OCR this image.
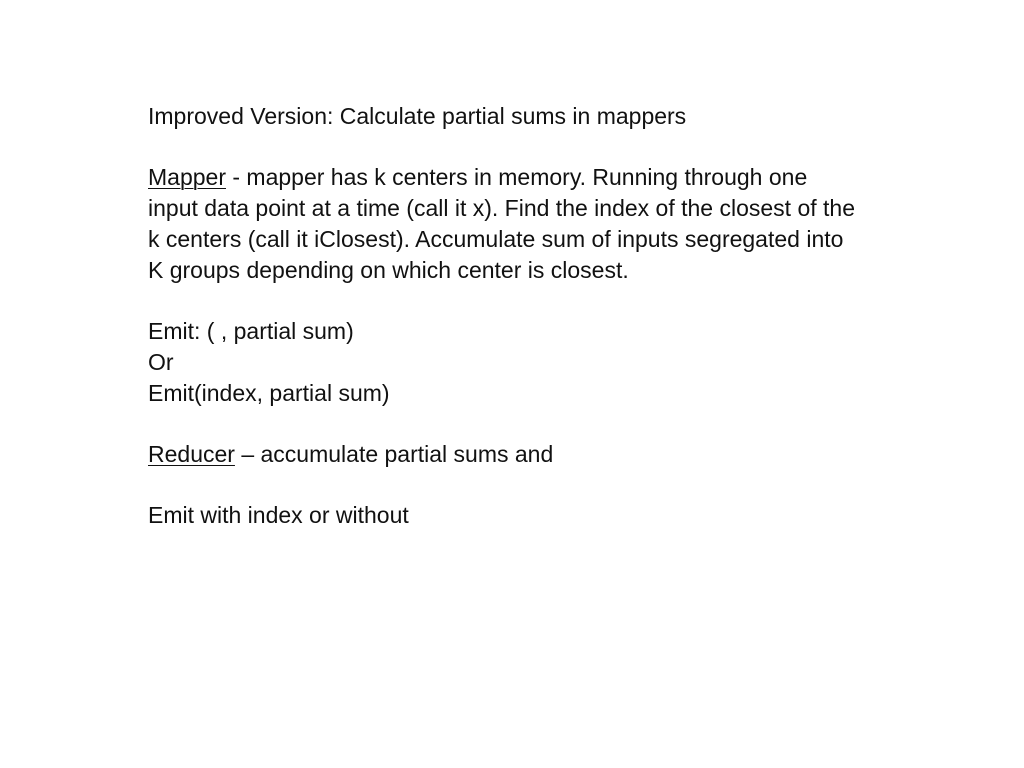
Improved Version: Calculate partial sums in mappers
Mapper - mapper has k centers in memory. Running through one
input data point at a time (call it x). Find the index of the closest of the
k centers (call it iClosest). Accumulate sum of inputs segregated into
K groups depending on which center is closest.
Emit: ( , partial sum)
Or
Emit(index, partial sum)
Reducer – accumulate partial sums and
Emit with index or without
